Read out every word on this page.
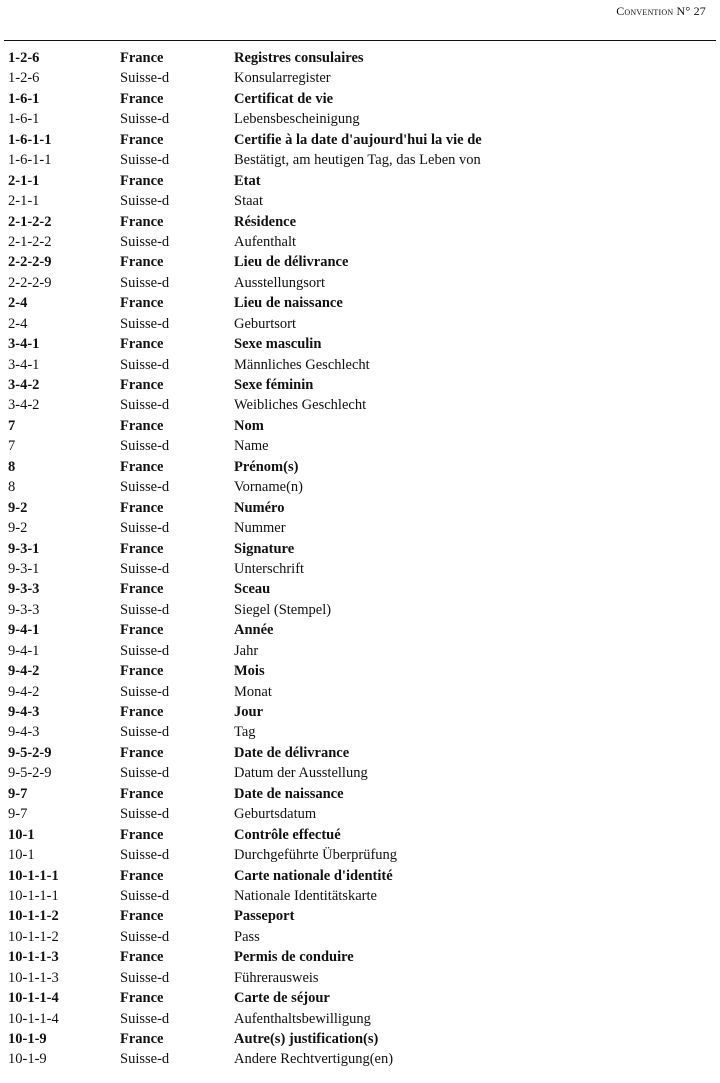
Convention N° 27
1-2-6	France	Registres consulaires
1-2-6	Suisse-d	Konsularregister
1-6-1	France	Certificat de vie
1-6-1	Suisse-d	Lebensbescheinigung
1-6-1-1	France	Certifie à la date d'aujourd'hui la vie de
1-6-1-1	Suisse-d	Bestätigt, am heutigen Tag, das Leben von
2-1-1	France	Etat
2-1-1	Suisse-d	Staat
2-1-2-2	France	Résidence
2-1-2-2	Suisse-d	Aufenthalt
2-2-2-9	France	Lieu de délivrance
2-2-2-9	Suisse-d	Ausstellungsort
2-4	France	Lieu de naissance
2-4	Suisse-d	Geburtsort
3-4-1	France	Sexe masculin
3-4-1	Suisse-d	Männliches Geschlecht
3-4-2	France	Sexe féminin
3-4-2	Suisse-d	Weibliches Geschlecht
7	France	Nom
7	Suisse-d	Name
8	France	Prénom(s)
8	Suisse-d	Vorname(n)
9-2	France	Numéro
9-2	Suisse-d	Nummer
9-3-1	France	Signature
9-3-1	Suisse-d	Unterschrift
9-3-3	France	Sceau
9-3-3	Suisse-d	Siegel (Stempel)
9-4-1	France	Année
9-4-1	Suisse-d	Jahr
9-4-2	France	Mois
9-4-2	Suisse-d	Monat
9-4-3	France	Jour
9-4-3	Suisse-d	Tag
9-5-2-9	France	Date de délivrance
9-5-2-9	Suisse-d	Datum der Ausstellung
9-7	France	Date de naissance
9-7	Suisse-d	Geburtsdatum
10-1	France	Contrôle effectué
10-1	Suisse-d	Durchgeführte Überprüfung
10-1-1-1	France	Carte nationale d'identité
10-1-1-1	Suisse-d	Nationale Identitätskarte
10-1-1-2	France	Passeport
10-1-1-2	Suisse-d	Pass
10-1-1-3	France	Permis de conduire
10-1-1-3	Suisse-d	Führerausweis
10-1-1-4	France	Carte de séjour
10-1-1-4	Suisse-d	Aufenthaltsbewilligung
10-1-9	France	Autre(s) justification(s)
10-1-9	Suisse-d	Andere Rechtvertigung(en)
